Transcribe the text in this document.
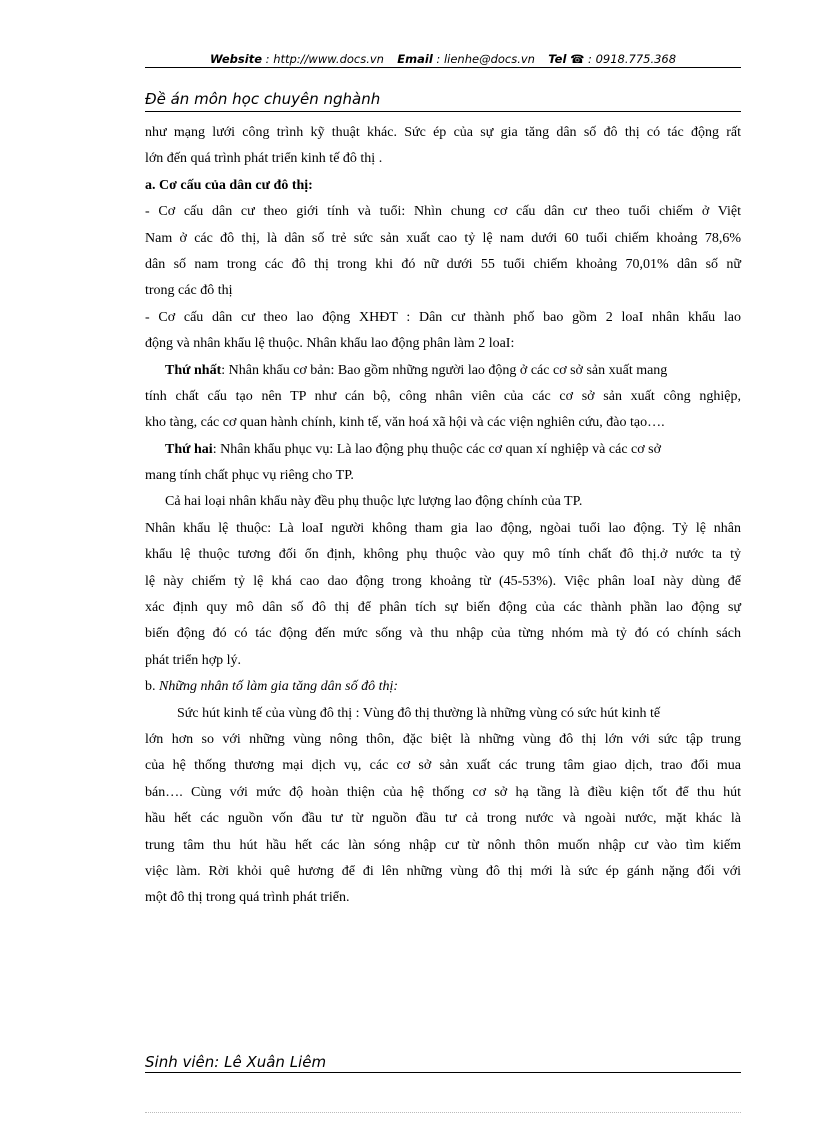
Website : http://www.docs.vn Email : lienhe@docs.vn Tel ☎ : 0918.775.368
Đề án môn học chuyên nghành
như mạng lưới công trình kỹ thuật khác. Sức ép của sự gia tăng dân số đô thị có tác động rất
lớn đến quá trình phát triển kinh tế đô thị .
a. Cơ cấu của dân cư đô thị:
- Cơ cấu dân cư theo giới tính và tuổi: Nhìn chung cơ cấu dân cư theo tuổi chiếm ở Việt
Nam ở các đô thị, là dân số trẻ sức sản xuất cao tỷ lệ nam dưới 60 tuổi chiếm khoảng 78,6%
dân số nam trong các đô thị trong khi đó nữ dưới 55 tuổi chiếm khoảng 70,01% dân số nữ
trong các đô thị
- Cơ cấu dân cư theo lao động XHĐT : Dân cư thành phố bao gồm 2 loaI nhân khẩu lao
động và nhân khẩu lệ thuộc. Nhân khẩu lao động phân làm 2 loaI:
Thứ nhất: Nhân khẩu cơ bản: Bao gồm những người lao động ở các cơ sở sản xuất mang
tính chất cấu tạo nên TP như cán bộ, công nhân viên của các cơ sở sản xuất công nghiệp,
kho tàng, các cơ quan hành chính, kinh tế, văn hoá xã hội và các viện nghiên cứu, đào tạo….
Thứ hai: Nhân khẩu phục vụ: Là lao động phụ thuộc các cơ quan xí nghiệp và các cơ sở
mang tính chất phục vụ riêng cho TP.
Cả hai loại nhân khẩu này đều phụ thuộc lực lượng lao động chính của TP.
Nhân khẩu lệ thuộc: Là loaI người không tham gia lao động, ngòai tuổi lao động. Tỷ lệ nhân
khẩu lệ thuộc tương đối ổn định, không phụ thuộc vào quy mô tính chất đô thị.ở nước ta tỷ
lệ này chiếm tỷ lệ khá cao dao động trong khoảng từ (45-53%). Việc phân loaI này dùng để
xác định quy mô dân số đô thị để phân tích sự biến động của các thành phần lao động sự
biến động đó có tác động đến mức sống và thu nhập của từng nhóm mà tỷ đó có chính sách
phát triển hợp lý.
b. Những nhân tố làm gia tăng dân số đô thị:
Sức hút kinh tế của vùng đô thị : Vùng đô thị thường là những vùng có sức hút kinh tế
lớn hơn so với những vùng nông thôn, đặc biệt là những vùng đô thị lớn với sức tập trung
của hệ thống thương mại dịch vụ, các cơ sở sản xuất các trung tâm giao dịch, trao đổi mua
bán…. Cùng với mức độ hoàn thiện của hệ thống cơ sở hạ tầng là điều kiện tốt để thu hút
hầu hết các nguồn vốn đầu tư từ nguồn đầu tư cả trong nước và ngoài nước, mặt khác là
trung tâm thu hút hầu hết các làn sóng nhập cư từ nônh thôn muốn nhập cư vào tìm kiếm
việc làm. Rời khỏi quê hương để đi lên những vùng đô thị mới là sức ép gánh nặng đối với
một đô thị trong quá trình phát triển.
Sinh viên: Lê Xuân Liêm
